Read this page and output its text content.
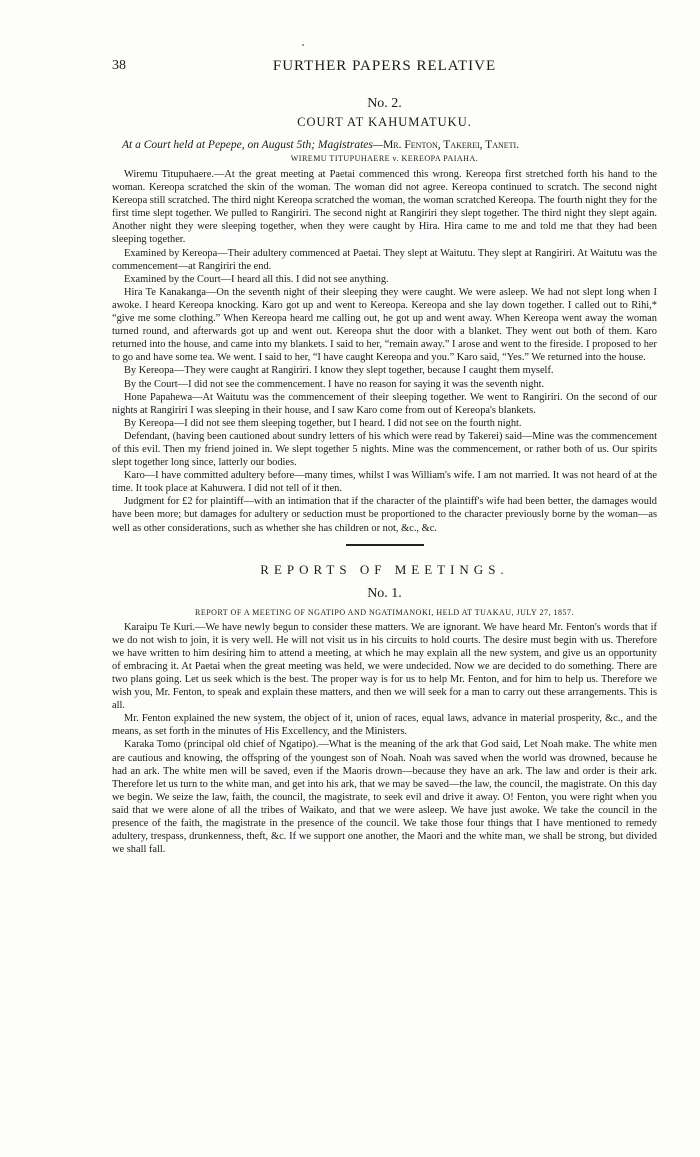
38	FURTHER PAPERS RELATIVE

No. 2.

COURT AT KAHUMATUKU.

At a Court held at Pepepe, on August 5th; Magistrates—Mr. Fenton, Takerei, Taneti.

WIREMU TITUPUHAERE v. KEREOPA PAIAHA.

Wiremu Titupuhaere.—At the great meeting at Paetai commenced this wrong. Kereopa first stretched forth his hand to the woman. Kereopa scratched the skin of the woman. The woman did not agree. Kereopa continued to scratch. The second night Kereopa still scratched. The third night Kereopa scratched the woman, the woman scratched Kereopa. The fourth night they for the first time slept together. We pulled to Rangiriri. The second night at Rangiriri they slept together. The third night they slept again. Another night they were sleeping together, when they were caught by Hira. Hira came to me and told me that they had been sleeping together.

Examined by Kereopa—Their adultery commenced at Paetai. They slept at Waitutu. They slept at Rangiriri. At Waitutu was the commencement—at Rangiriri the end.

Examined by the Court—I heard all this. I did not see anything.

Hira Te Kanakanga—On the seventh night of their sleeping they were caught. We were asleep. We had not slept long when I awoke. I heard Kereopa knocking. Karo got up and went to Kereopa. Kereopa and she lay down together. I called out to Rihi,* “give me some clothing.” When Kereopa heard me calling out, he got up and went away. When Kereopa went away the woman turned round, and afterwards got up and went out. Kereopa shut the door with a blanket. They went out both of them. Karo returned into the house, and came into my blankets. I said to her, “remain away.” I arose and went to the fireside. I proposed to her to go and have some tea. We went. I said to her, “I have caught Kereopa and you.” Karo said, “Yes.” We returned into the house.

By Kereopa—They were caught at Rangiriri. I know they slept together, because I caught them myself.

By the Court—I did not see the commencement. I have no reason for saying it was the seventh night.

Hone Papahewa—At Waitutu was the commencement of their sleeping together. We went to Rangiriri. On the second of our nights at Rangiriri I was sleeping in their house, and I saw Karo come from out of Kereopa's blankets.

By Kereopa—I did not see them sleeping together, but I heard. I did not see on the fourth night.

Defendant, (having been cautioned about sundry letters of his which were read by Takerei) said—Mine was the commencement of this evil. Then my friend joined in. We slept together 5 nights. Mine was the commencement, or rather both of us. Our spirits slept together long since, latterly our bodies.

Karo—I have committed adultery before—many times, whilst I was William's wife. I am not married. It was not heard of at the time. It took place at Kahuwera. I did not tell of it then.

Judgment for £2 for plaintiff—with an intimation that if the character of the plaintiff's wife had been better, the damages would have been more; but damages for adultery or seduction must be proportioned to the character previously borne by the woman—as well as other considerations, such as whether she has children or not, &c., &c.

REPORTS OF MEETINGS.

No. 1.

REPORT OF A MEETING OF NGATIPO AND NGATIMANOKI, HELD AT TUAKAU, JULY 27, 1857.

Karaipu Te Kuri.—We have newly begun to consider these matters. We are ignorant. We have heard Mr. Fenton's words that if we do not wish to join, it is very well. He will not visit us in his circuits to hold courts. The desire must begin with us. Therefore we have written to him desiring him to attend a meeting, at which he may explain all the new system, and give us an opportunity of embracing it. At Paetai when the great meeting was held, we were undecided. Now we are decided to do something. There are two plans going. Let us seek which is the best. The proper way is for us to help Mr. Fenton, and for him to help us. Therefore we wish you, Mr. Fenton, to speak and explain these matters, and then we will seek for a man to carry out these arrangements. This is all.

Mr. Fenton explained the new system, the object of it, union of races, equal laws, advance in material prosperity, &c., and the means, as set forth in the minutes of His Excellency, and the Ministers.

Karaka Tomo (principal old chief of Ngatipo).—What is the meaning of the ark that God said, Let Noah make. The white men are cautious and knowing, the offspring of the youngest son of Noah. Noah was saved when the world was drowned, because he had an ark. The white men will be saved, even if the Maoris drown—because they have an ark. The law and order is their ark. Therefore let us turn to the white man, and get into his ark, that we may be saved—the law, the council, the magistrate. On this day we begin. We seize the law, faith, the council, the magistrate, to seek evil and drive it away. O! Fenton, you were right when you said that we were alone of all the tribes of Waikato, and that we were asleep. We have just awoke. We take the council in the presence of the faith, the magistrate in the presence of the council. We take those four things that I have mentioned to remedy adultery, trespass, drunkenness, theft, &c. If we support one another, the Maori and the white man, we shall be strong, but divided we shall fall.
